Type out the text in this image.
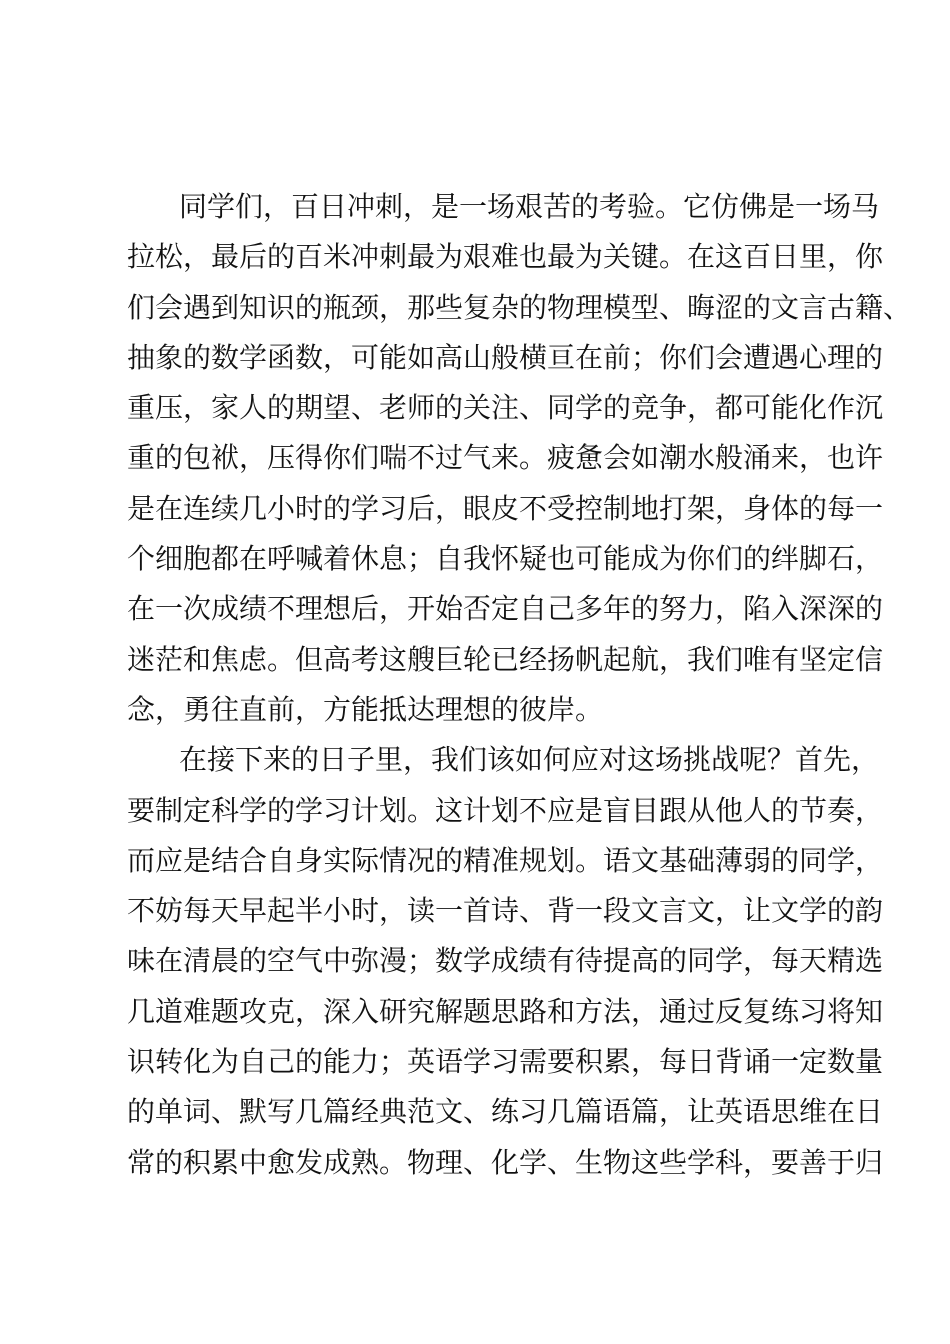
同学们，百日冲刺，是一场艰苦的考验。它仿佛是一场马
拉松，最后的百米冲刺最为艰难也最为关键。在这百日里，你
们会遇到知识的瓶颈，那些复杂的物理模型、晦涩的文言古籍、
抽象的数学函数，可能如高山般横亘在前；你们会遭遇心理的
重压，家人的期望、老师的关注、同学的竞争，都可能化作沉
重的包袱，压得你们喘不过气来。疲惫会如潮水般涌来，也许
是在连续几小时的学习后，眼皮不受控制地打架，身体的每一
个细胞都在呼喊着休息；自我怀疑也可能成为你们的绊脚石，
在一次成绩不理想后，开始否定自己多年的努力，陷入深深的
迷茫和焦虑。但高考这艘巨轮已经扬帆起航，我们唯有坚定信
念，勇往直前，方能抵达理想的彼岸。
在接下来的日子里，我们该如何应对这场挑战呢？首先，
要制定科学的学习计划。这计划不应是盲目跟从他人的节奏，
而应是结合自身实际情况的精准规划。语文基础薄弱的同学，
不妨每天早起半小时，读一首诗、背一段文言文，让文学的韵
味在清晨的空气中弥漫；数学成绩有待提高的同学，每天精选
几道难题攻克，深入研究解题思路和方法，通过反复练习将知
识转化为自己的能力；英语学习需要积累，每日背诵一定数量
的单词、默写几篇经典范文、练习几篇语篇，让英语思维在日
常的积累中愈发成熟。物理、化学、生物这些学科，要善于归
